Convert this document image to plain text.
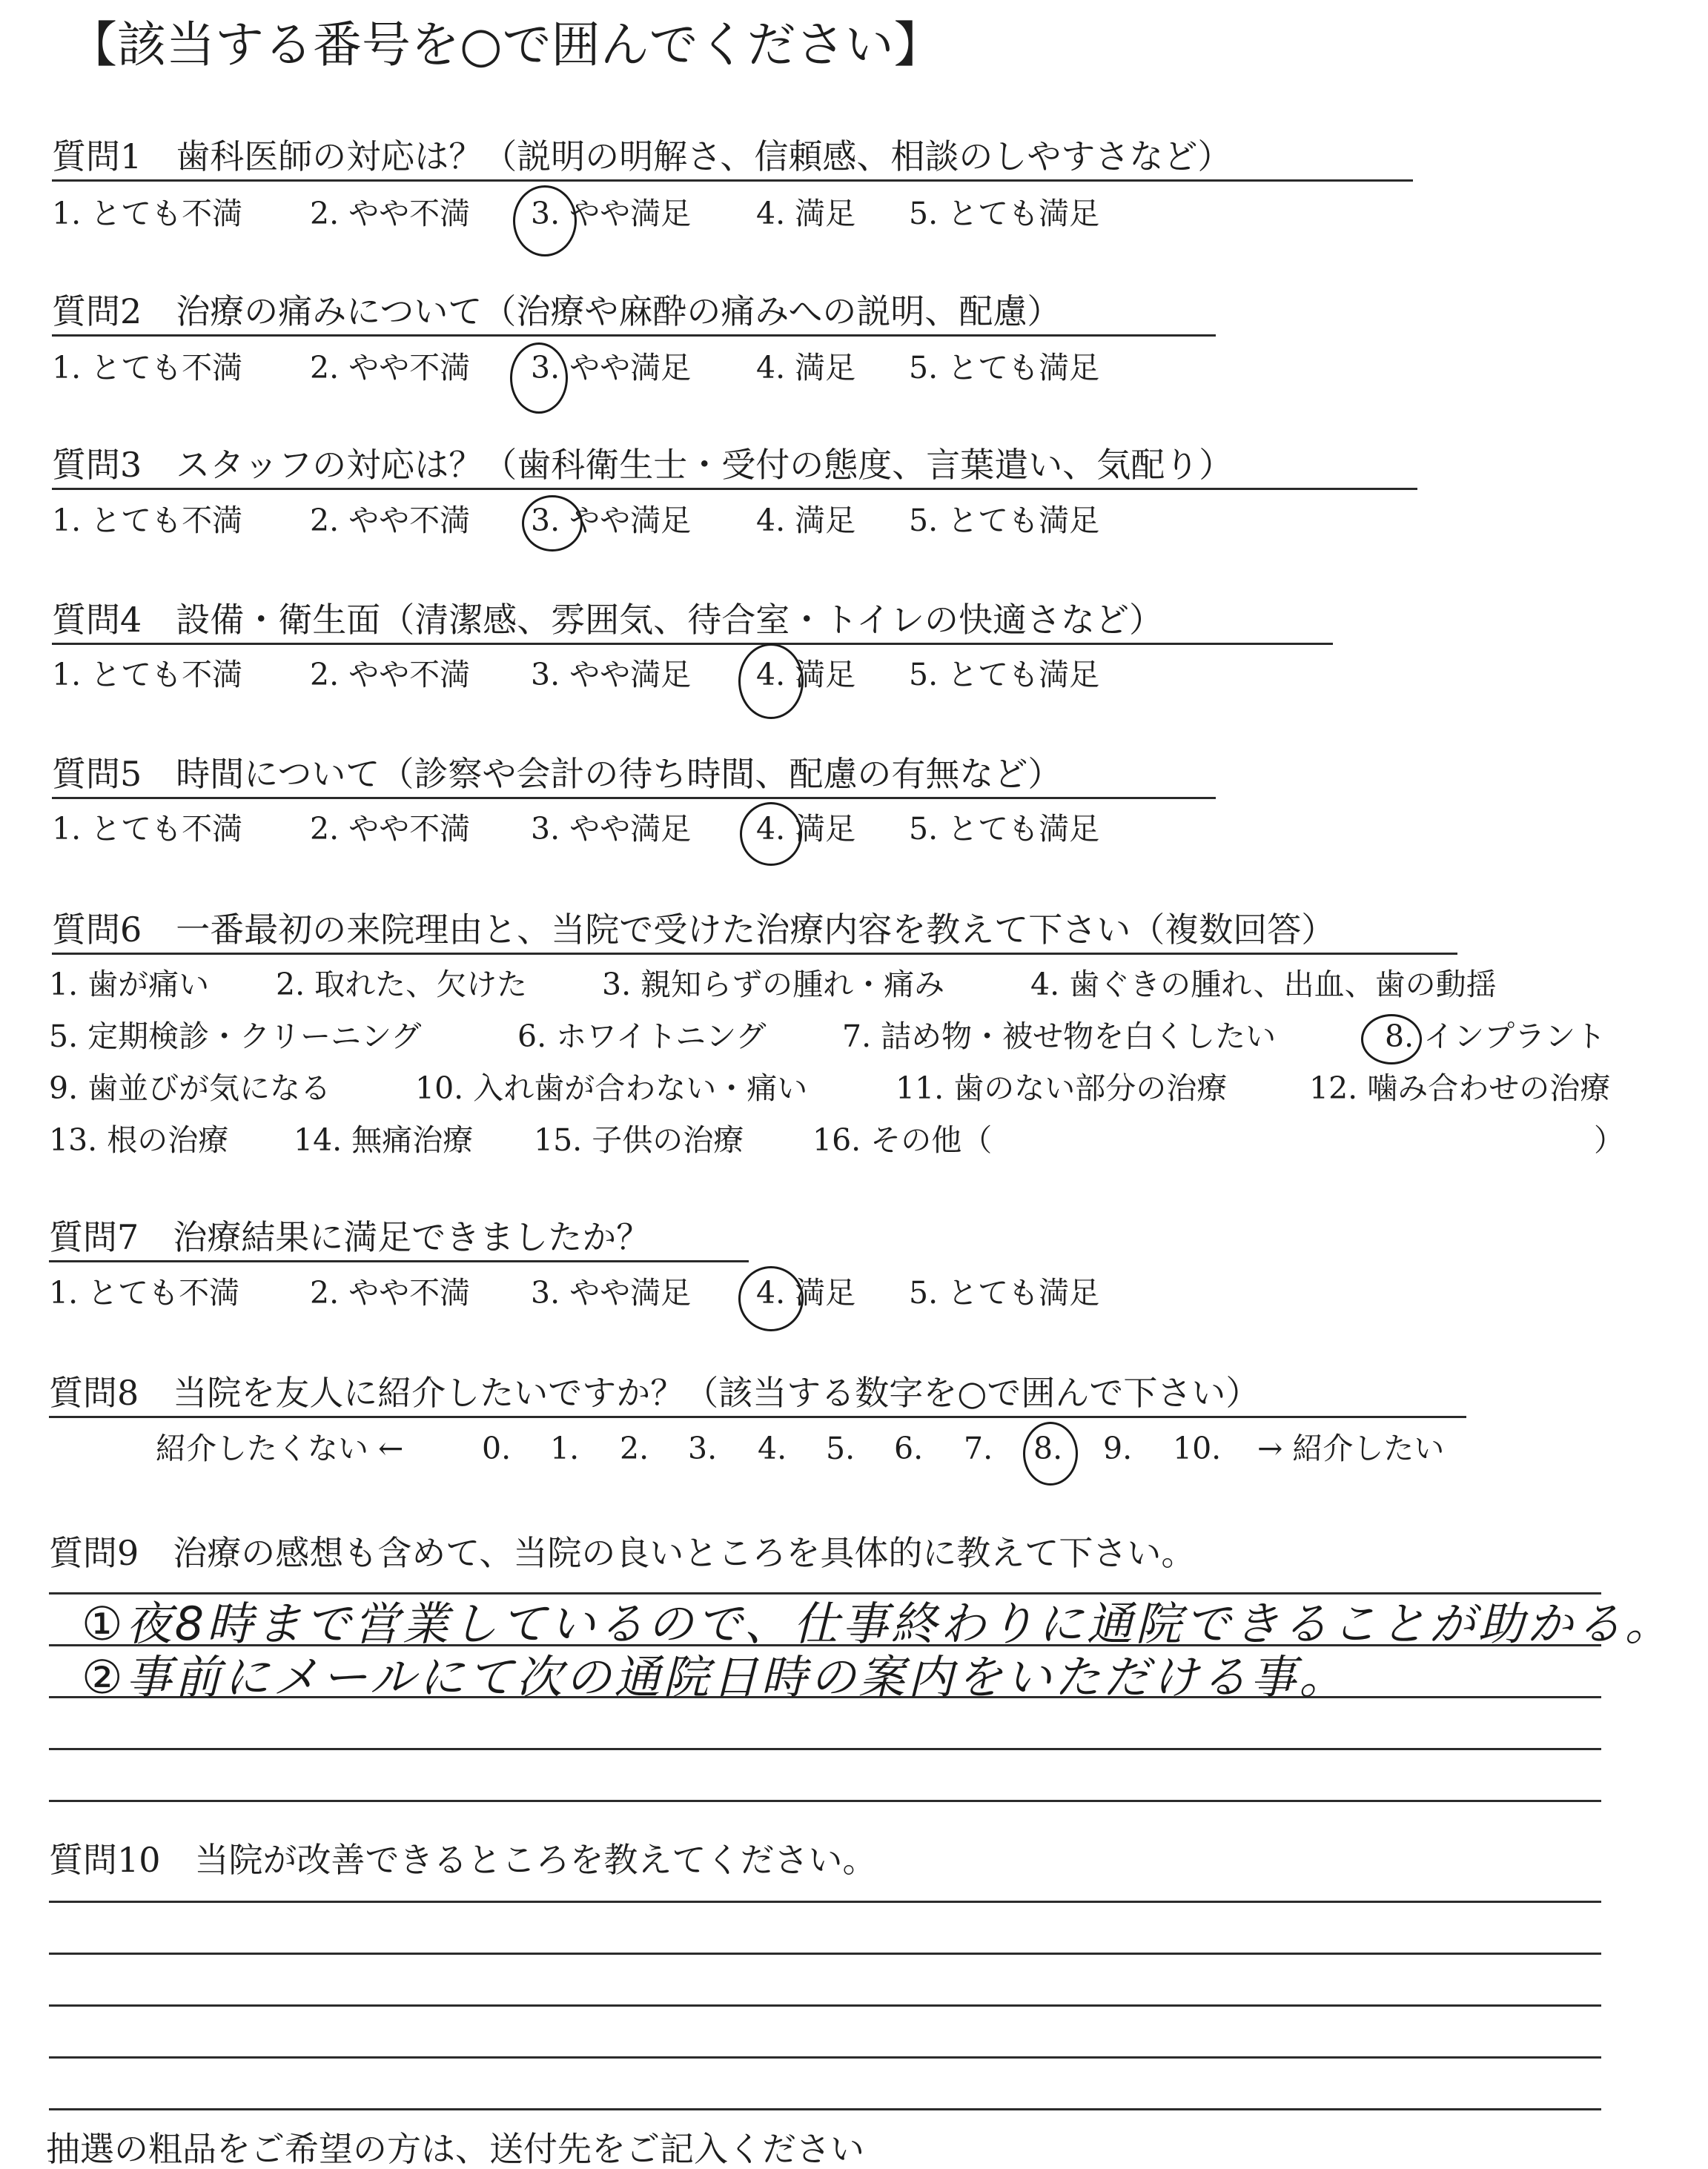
【該当する番号を○で囲んでください】
質問1　歯科医師の対応は？（説明の明解さ、信頼感、相談のしやすさなど）
1. とても不満 2. やや不満 3. やや満足 4. 満足 5. とても満足
質問2　治療の痛みについて（治療や麻酔の痛みへの説明、配慮）
1. とても不満 2. やや不満 3. やや満足 4. 満足 5. とても満足
質問3　スタッフの対応は？（歯科衛生士・受付の態度、言葉遣い、気配り）
1. とても不満 2. やや不満 3. やや満足 4. 満足 5. とても満足
質問4　設備・衛生面（清潔感、雰囲気、待合室・トイレの快適さなど）
1. とても不満 2. やや不満 3. やや満足 4. 満足 5. とても満足
質問5　時間について（診察や会計の待ち時間、配慮の有無など）
1. とても不満 2. やや不満 3. やや満足 4. 満足 5. とても満足
質問6　一番最初の来院理由と、当院で受けた治療内容を教えて下さい（複数回答）
1. 歯が痛い 2. 取れた、欠けた 3. 親知らずの腫れ・痛み	4. 歯ぐきの腫れ、出血、歯の動揺
5. 定期検診・クリーニング	6. ホワイトニング	7. 詰め物・被せ物を白くしたい	8. インプラント
9. 歯並びが気になる	10. 入れ歯が合わない・痛い	11. 歯のない部分の治療	12. 噛み合わせの治療
13. 根の治療 14. 無痛治療 15. 子供の治療 16. その他（	）
質問7　治療結果に満足できましたか？
1. とても不満 2. やや不満 3. やや満足 4. 満足 5. とても満足
質問8　当院を友人に紹介したいですか？（該当する数字を○で囲んで下さい）
紹介したくない ←	0. 1. 2. 3. 4. 5. 6. 7. 8. 9. 10. → 紹介したい
質問9　治療の感想も含めて、当院の良いところを具体的に教えて下さい。
①夜8時まで営業しているので、仕事終わりに通院できることが助かる。
②事前にメールにて次の通院日時の案内をいただける事。
質問10　当院が改善できるところを教えてください。
抽選の粗品をご希望の方は、送付先をご記入ください
